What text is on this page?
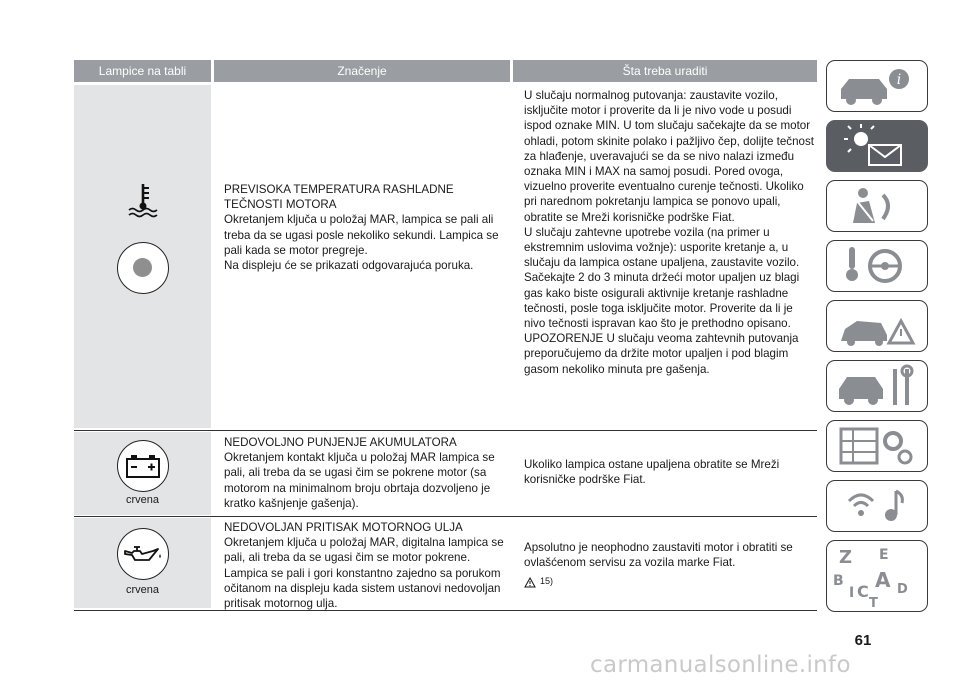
Lampice na tabli	Značenje	Šta treba uraditi

PREVISOKA TEMPERATURA RASHLADNE TEČNOSTI MOTORA

Okretanjem ključa u položaj MAR, lampica se pali ali treba da se ugasi posle nekoliko sekundi. Lampica se pali kada se motor pregreje.

Na displeju će se prikazati odgovarajuća poruka.

U slučaju normalnog putovanja: zaustavite vozilo, isključite motor i proverite da li je nivo vode u posudi ispod oznake MIN. U tom slučaju sačekajte da se motor ohladi, potom skinite polako i pažljivo čep, dolijte tečnost za hlađenje, uveravajući se da se nivo nalazi između oznaka MIN i MAX na samoj posudi. Pored ovoga, vizuelno proverite eventualno curenje tečnosti. Ukoliko pri narednom pokretanju lampica se ponovo upali, obratite se Mreži korisničke podrške Fiat.

U slučaju zahtevne upotrebe vozila (na primer u ekstremnim uslovima vožnje): usporite kretanje a, u slučaju da lampica ostane upaljena, zaustavite vozilo. Sačekajte 2 do 3 minuta držeći motor upaljen uz blagi gas kako biste osigurali aktivnije kretanje rashladne tečnosti, posle toga isključite motor. Proverite da li je nivo tečnosti ispravan kao što je prethodno opisano.

UPOZORENJE U slučaju veoma zahtevnih putovanja preporučujemo da držite motor upaljen i pod blagim gasom nekoliko minuta pre gašenja.

crvena

NEDOVOLJNO PUNJENJE AKUMULATORA

Okretanjem kontakt ključa u položaj MAR lampica se pali, ali treba da se ugasi čim se pokrene motor (sa motorom na minimalnom broju obrtaja dozvoljeno je kratko kašnjenje gašenja).

Ukoliko lampica ostane upaljena obratite se Mreži korisničke podrške Fiat.

crvena

NEDOVOLJAN PRITISAK MOTORNOG ULJA

Okretanjem ključa u položaj MAR, digitalna lampica se pali, ali treba da se ugasi čim se motor pokrene. Lampica se pali i gori konstantno zajedno sa porukom očitanom na displeju kada sistem ustanovi nedovoljan pritisak motornog ulja.

Apsolutno je neophodno zaustaviti motor i obratiti se ovlašćenom servisu za vozila marke Fiat.

15)
i
Z E
B A
I C D
T
61
carmanualsonline.info
